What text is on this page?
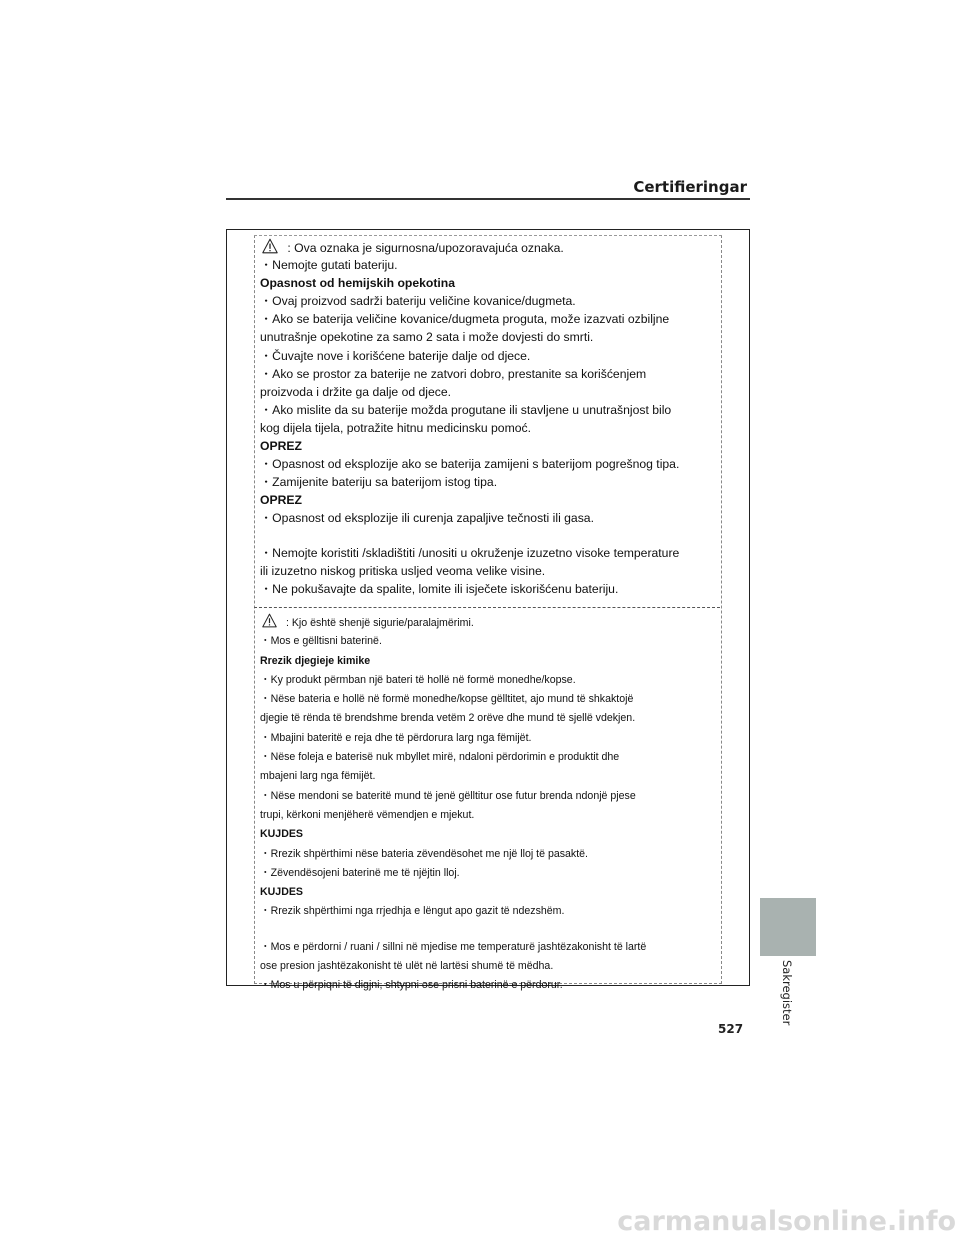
Certifieringar
: Ova oznaka je sigurnosna/upozoravajuća oznaka.
・Nemojte gutati bateriju.
Opasnost od hemijskih opekotina
・Ovaj proizvod sadrži bateriju veličine kovanice/dugmeta.
・Ako se baterija veličine kovanice/dugmeta proguta, može izazvati ozbiljne
unutrašnje opekotine za samo 2 sata i može dovjesti do smrti.
・Čuvajte nove i korišćene baterije dalje od djece.
・Ako se prostor za baterije ne zatvori dobro, prestanite sa korišćenjem
proizvoda i držite ga dalje od djece.
・Ako mislite da su baterije možda progutane ili stavljene u unutrašnjost bilo
kog dijela tijela, potražite hitnu medicinsku pomoć.
OPREZ
・Opasnost od eksplozije ako se baterija zamijeni s baterijom pogrešnog tipa.
・Zamijenite bateriju sa baterijom istog tipa.
OPREZ
・Opasnost od eksplozije ili curenja zapaljive tečnosti ili gasa.
・Nemojte koristiti /skladištiti /unositi u okruženje izuzetno visoke temperature
ili izuzetno niskog pritiska usljed veoma velike visine.
・Ne pokušavajte da spalite, lomite ili isječete iskorišćenu bateriju.
: Kjo është shenjë sigurie/paralajmërimi.
・Mos e gëlltisni baterinë.
Rrezik djegieje kimike
・Ky produkt përmban një bateri të hollë në formë monedhe/kopse.
・Nëse bateria e hollë në formë monedhe/kopse gëlltitet, ajo mund të shkaktojë
djegie të rënda të brendshme brenda vetëm 2 orëve dhe mund të sjellë vdekjen.
・Mbajini bateritë e reja dhe të përdorura larg nga fëmijët.
・Nëse foleja e baterisë nuk mbyllet mirë, ndaloni përdorimin e produktit dhe
mbajeni larg nga fëmijët.
・Nëse mendoni se bateritë mund të jenë gëlltitur ose futur brenda ndonjë pjese
trupi, kërkoni menjëherë vëmendjen e mjekut.
KUJDES
・Rrezik shpërthimi nëse bateria zëvendësohet me një lloj të pasaktë.
・Zëvendësojeni baterinë me të njëjtin lloj.
KUJDES
・Rrezik shpërthimi nga rrjedhja e lëngut apo gazit të ndezshëm.
・Mos e përdorni / ruani / sillni në mjedise me temperaturë jashtëzakonisht të lartë
ose presion jashtëzakonisht të ulët në lartësi shumë të mëdha.
・Mos u përpiqni të digjni, shtypni ose prisni baterinë e përdorur.	Sakregister
527
carmanualsonline.info
